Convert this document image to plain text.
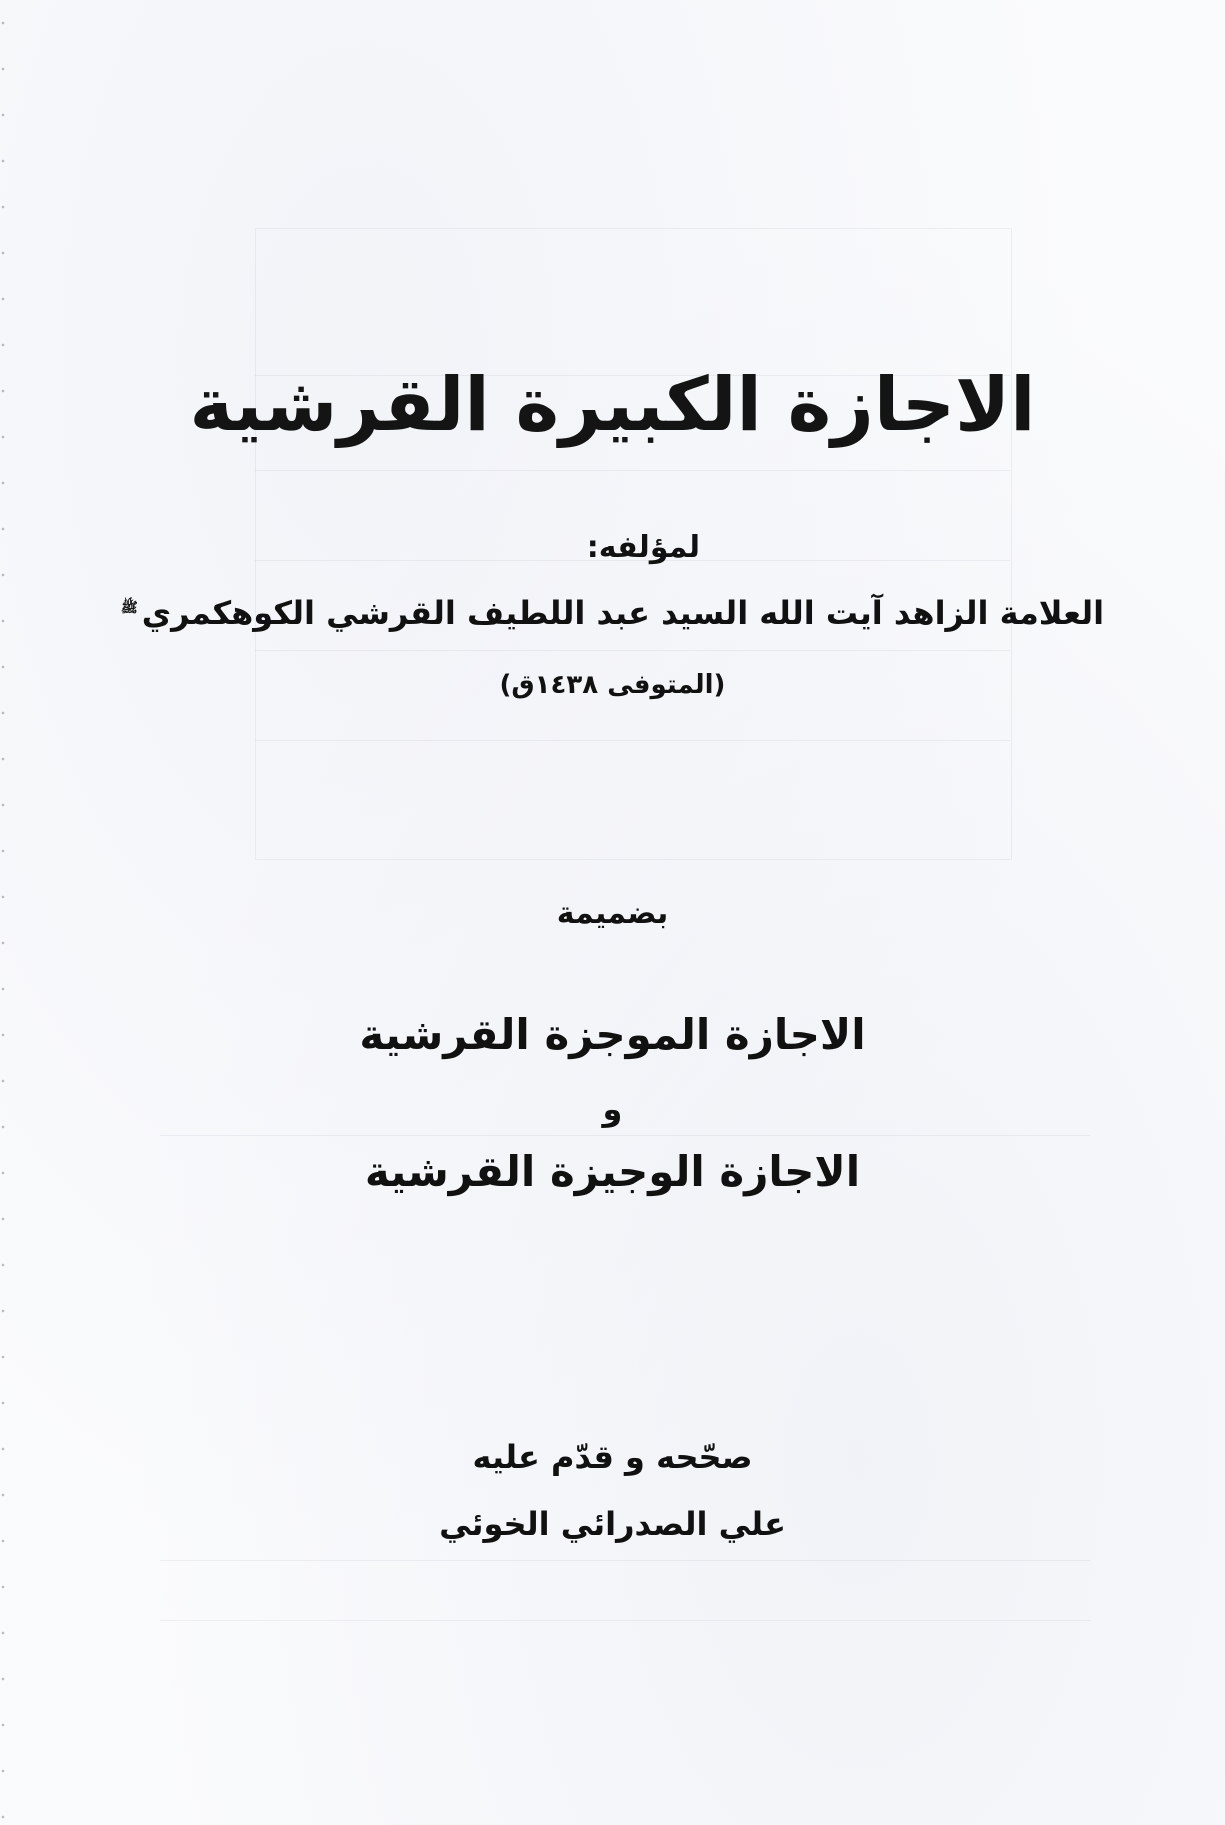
الاجازة الكبيرة القرشية
لمؤلفه:
العلامة الزاهد آيت الله السيد عبد اللطيف القرشي الكوهكمري$^ﷺ$
(المتوفى ١٤٣٨ق)
بضميمة
الاجازة الموجزة القرشية
و
الاجازة الوجيزة القرشية
صحّحه و قدّم عليه
علي الصدرائي الخوئي
